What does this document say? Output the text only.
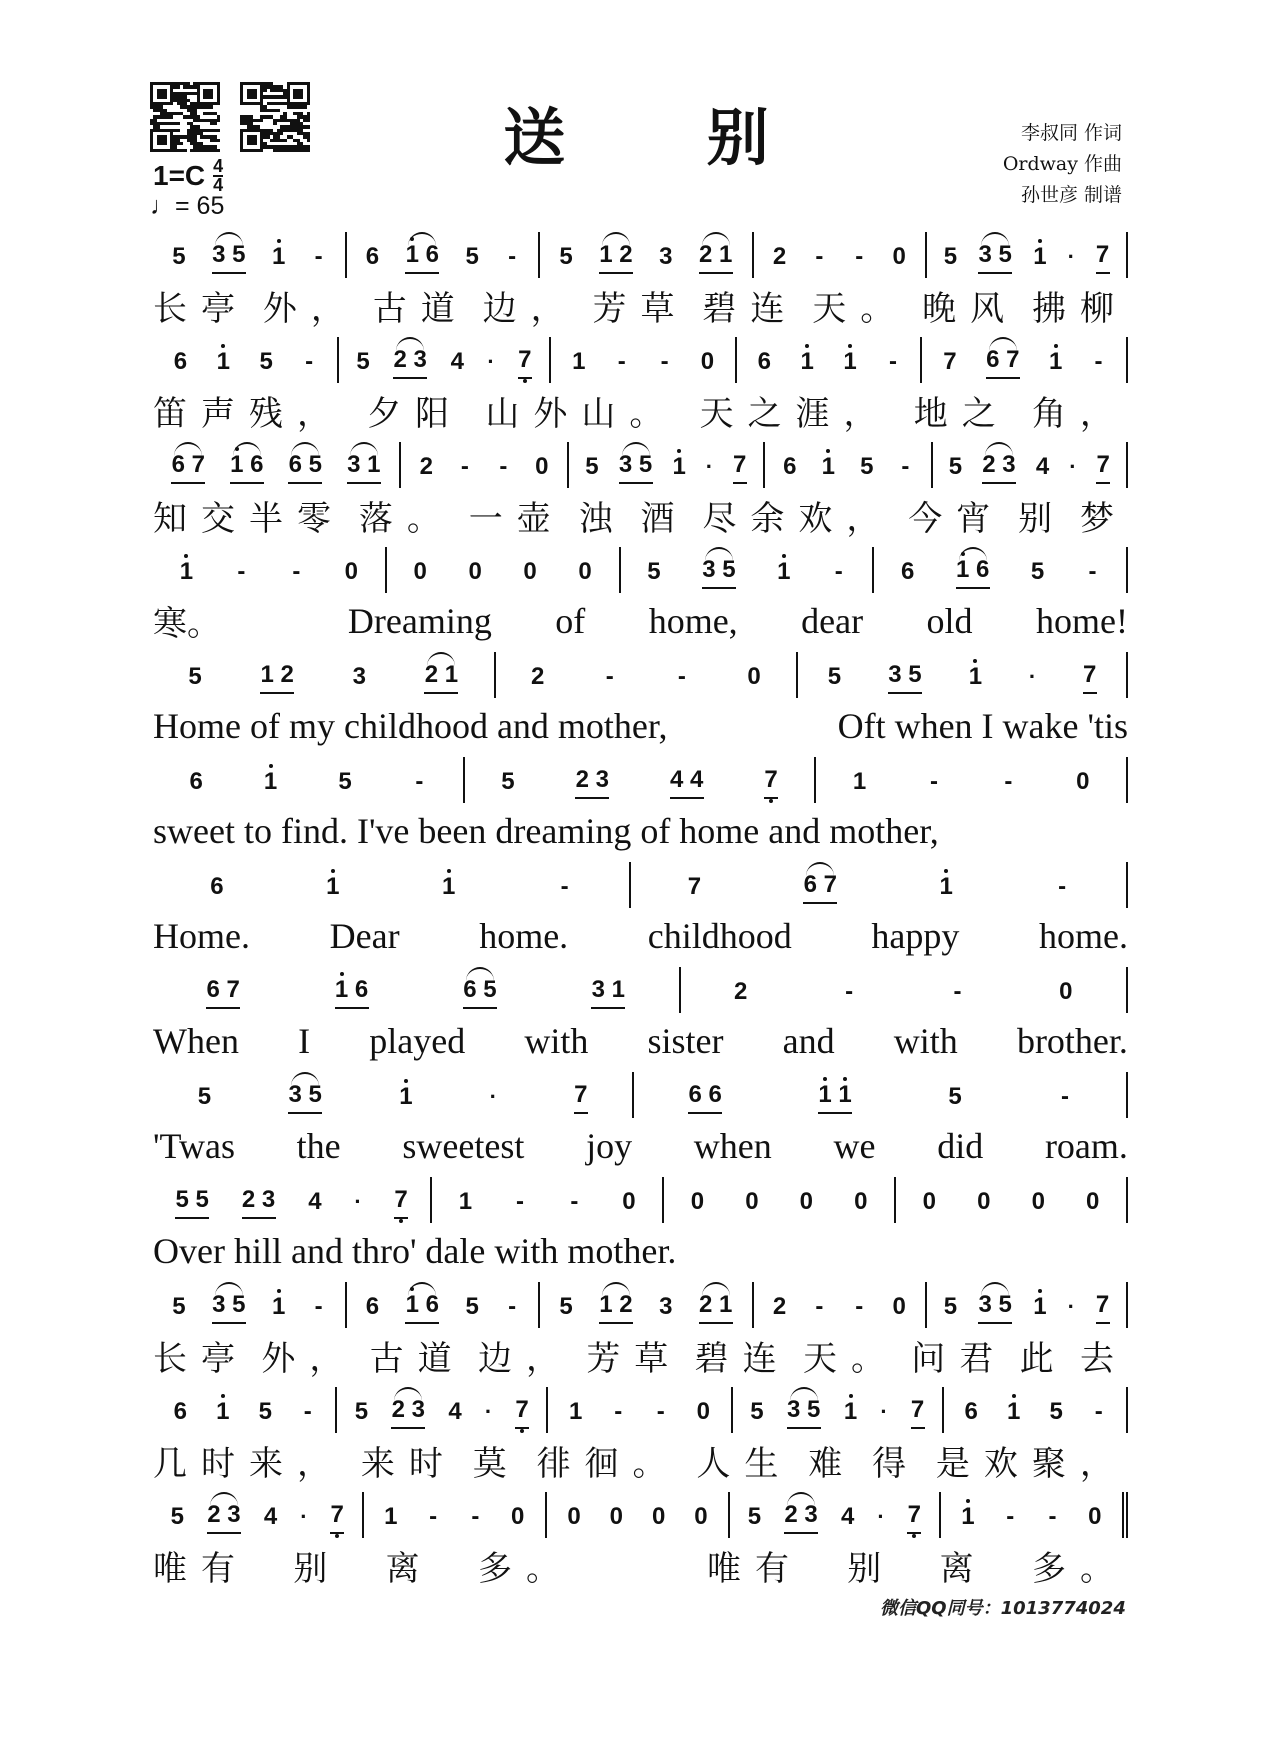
送 别
$1=C \frac{4}{4}$
♩= 65
李叔同 作词
Ordway 作曲
孙世彦 制谱
5 3 5 1 - 6 1 6 5 - 5 1 2 3 2 1 2 - - 0 5 3 5 1 · 7
长亭 外， 古道 边， 芳草 碧连 天。 晚风 拂柳
6 1 5 - 5 2 3 4 · 7 1 - - 0 6 1 1 - 7 6 7 1 -
笛声残， 夕阳 山外山。 天之涯， 地之 角，
6 7 1 6 6 5 3 1 2 - - 0 5 3 5 1 · 7 6 1 5 - 5 2 3 4 · 7
知交半零 落。 一壶 浊 酒 尽余欢， 今宵 别 梦
1 - - 0 0 0 0 0 5 3 5 1 - 6 1 6 5 -
寒。	Dreaming of home, dear old home!
5 1 2 3 2 1	2	-	-	0	5 3 5 1 · 7
Home of my childhood and mother,	Oft when I wake 'tis
6	1	5	-	5	2 3	4 4	7	1	-	-	0
sweet to find. I've been dreaming of home and mother,
6	1	1	-	7	6 7	1	-
Home. Dear home. childhood happy home.
6 7	1 6	6 5	3 1	2	-	-	0
When I played with sister and with brother.
5	3 5	1	·	7	6 6	1 1	5	-
'Twas the sweetest joy when we did roam.
5 5 2 3 4 · 7 1 - - 0 0 0 0 0 0 0 0 0
Over hill and thro' dale with mother.
5 3 5 1 - 6 1 6 5 - 5 1 2 3 2 1 2 - - 0 5 3 5 1 · 7
长亭 外， 古道 边， 芳草 碧连 天。 问君 此 去
6 1 5 - 5 2 3 4 · 7 1 - - 0 5 3 5 1 · 7 6 1 5 -
几时来， 来时 莫 徘徊。 人生 难 得 是欢聚，
5 2 3 4 · 7 1 - - 0 0 0 0 0 5 2 3 4 · 7 1 - - 0
唯有 别 离 多。	唯有 别 离 多。
微信QQ同号：1013774024
